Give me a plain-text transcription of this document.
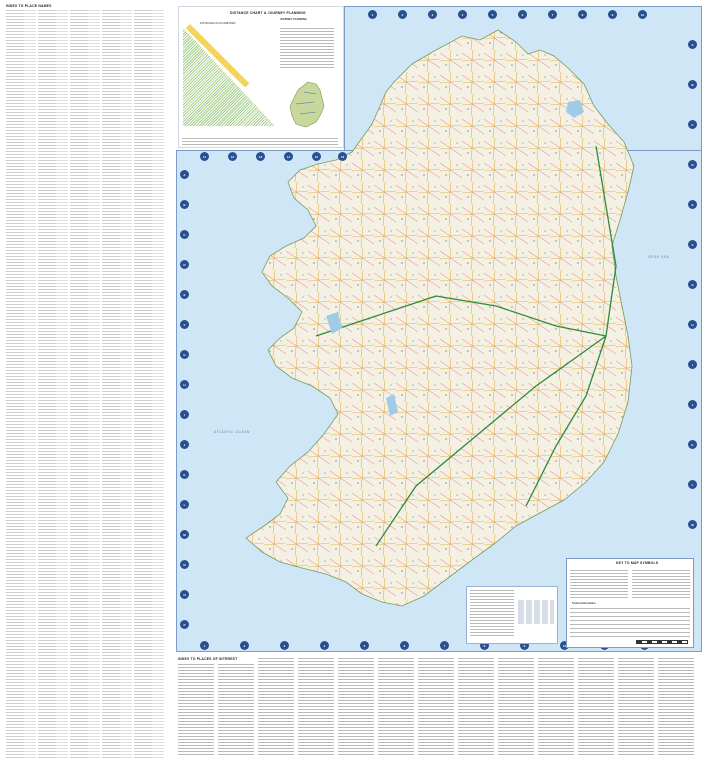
INDEX TO PLACE NAMES
DISTANCE CHART & JOURNEY PLANNING
DISTANCES IN KILOMETRES
JOURNEY PLANNING
ATLANTIC OCEAN
IRISH SEA
1	2	3	4	5	6	7	8	9	10
11	12	13	14	15	16
A
B
C
D
E
F
G
H
I
J
K
L
M
N
O
P
A
B
C
D
E
F
G
H
I
J
K
L
M
1	2	3	4	5	6	7	8	9	10
KEY TO MAP SYMBOLS
Tourist Information
INDEX TO PLACES OF INTEREST
